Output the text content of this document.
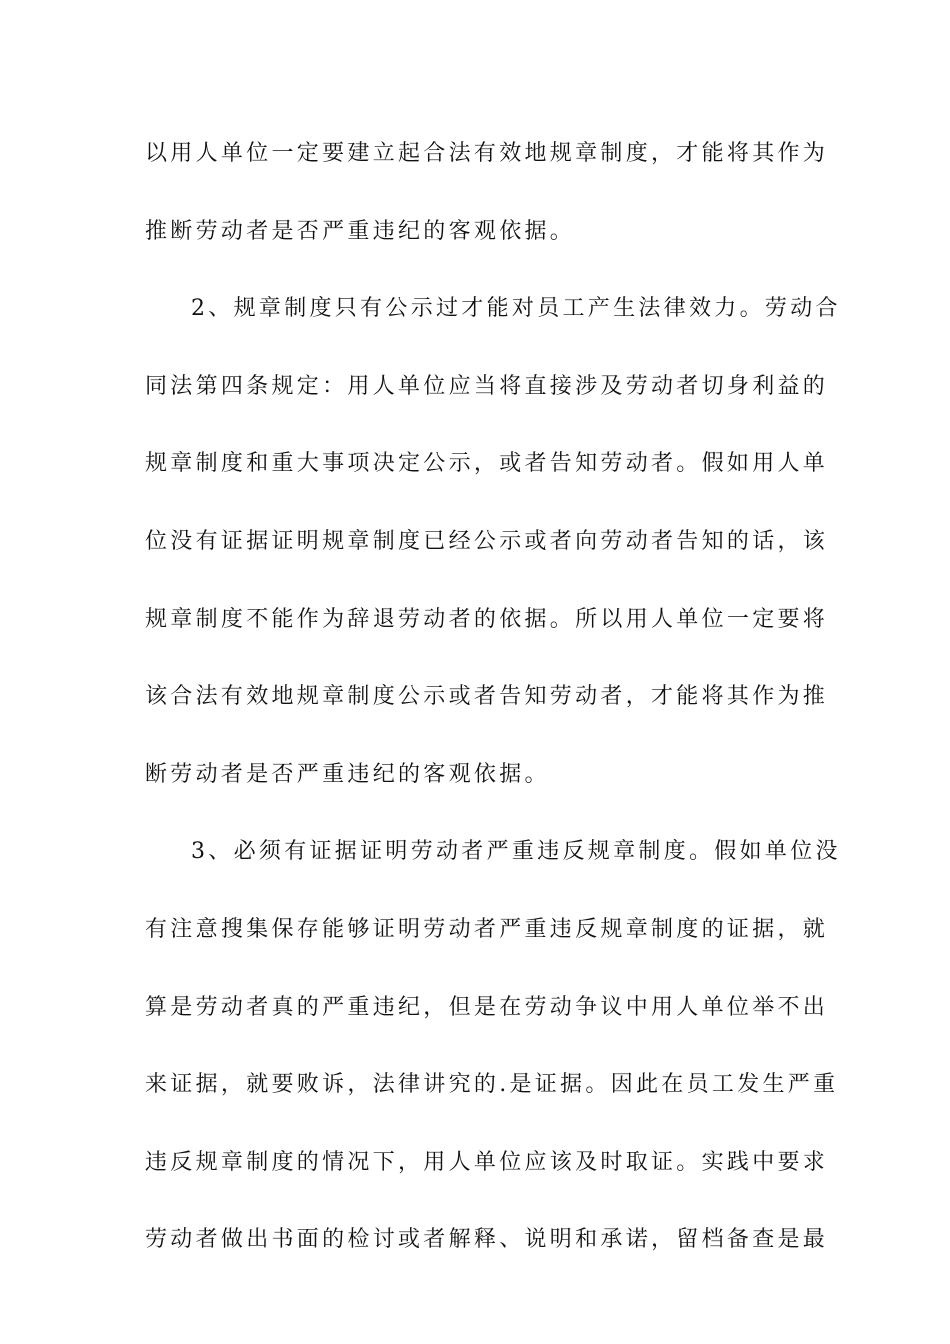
以用人单位一定要建立起合法有效地规章制度，才能将其作为

推断劳动者是否严重违纪的客观依据。

2、规章制度只有公示过才能对员工产生法律效力。劳动合

同法第四条规定：用人单位应当将直接涉及劳动者切身利益的

规章制度和重大事项决定公示，或者告知劳动者。假如用人单

位没有证据证明规章制度已经公示或者向劳动者告知的话，该

规章制度不能作为辞退劳动者的依据。所以用人单位一定要将

该合法有效地规章制度公示或者告知劳动者，才能将其作为推

断劳动者是否严重违纪的客观依据。

3、必须有证据证明劳动者严重违反规章制度。假如单位没

有注意搜集保存能够证明劳动者严重违反规章制度的证据，就

算是劳动者真的严重违纪，但是在劳动争议中用人单位举不出

来证据，就要败诉，法律讲究的.是证据。因此在员工发生严重

违反规章制度的情况下，用人单位应该及时取证。实践中要求

劳动者做出书面的检讨或者解释、说明和承诺，留档备查是最
